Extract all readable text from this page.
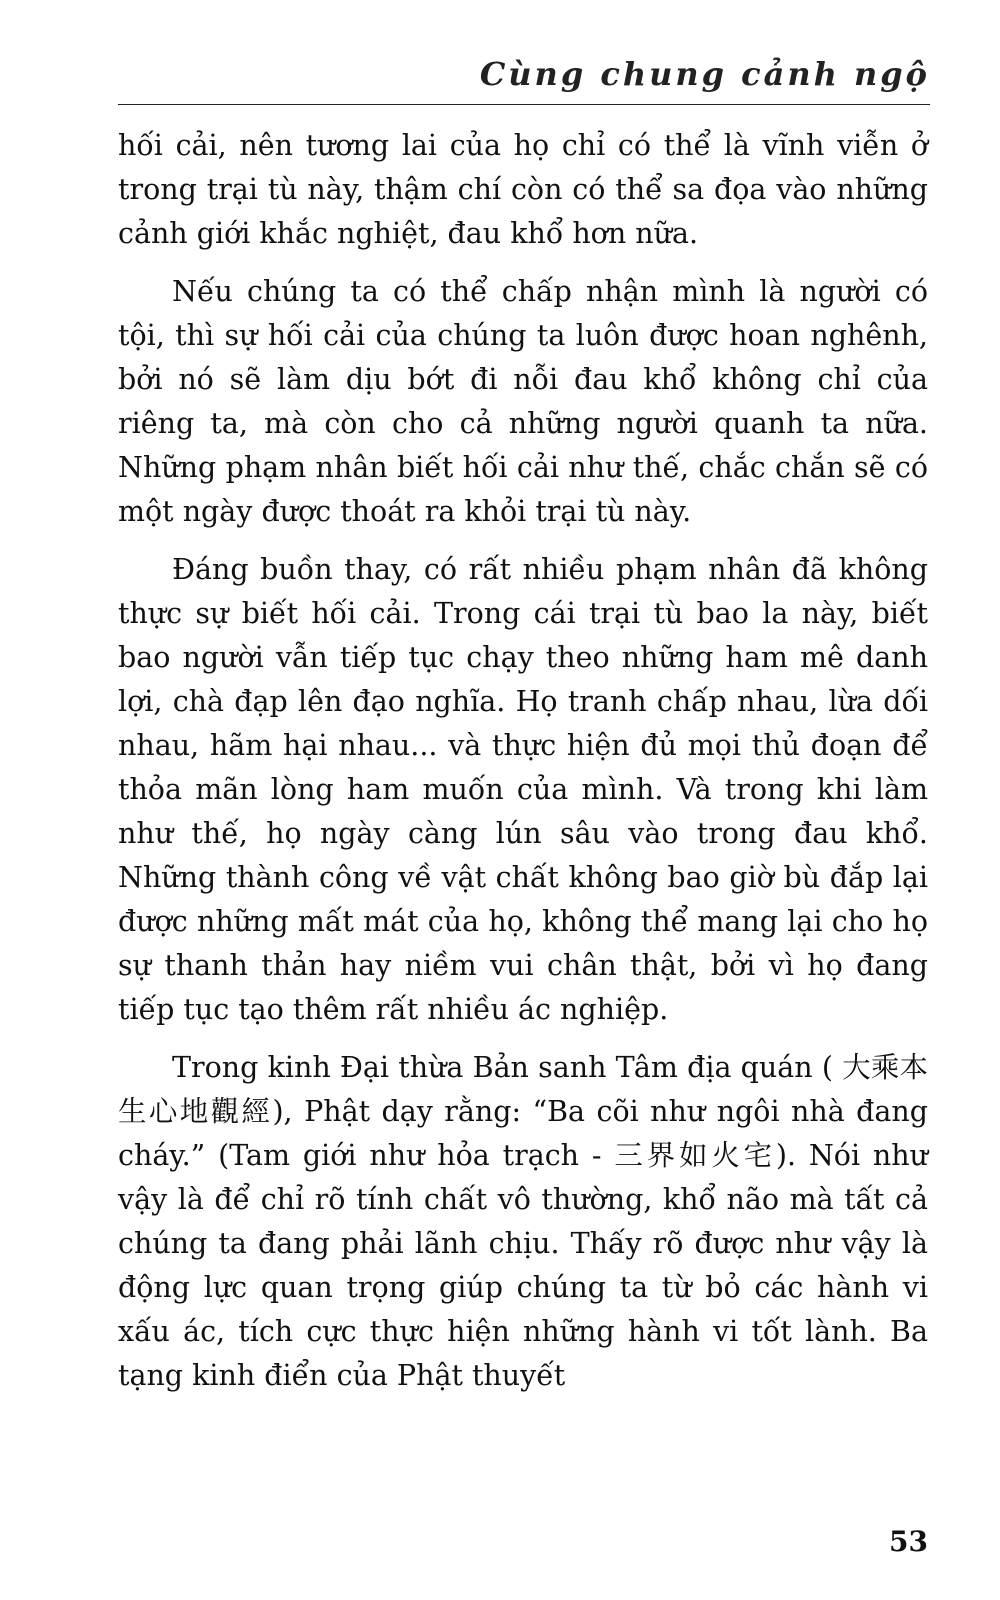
Cùng chung cảnh ngộ

hối cải, nên tương lai của họ chỉ có thể là vĩnh viễn ở trong trại tù này, thậm chí còn có thể sa đọa vào những cảnh giới khắc nghiệt, đau khổ hơn nữa.

Nếu chúng ta có thể chấp nhận mình là người có tội, thì sự hối cải của chúng ta luôn được hoan nghênh, bởi nó sẽ làm dịu bớt đi nỗi đau khổ không chỉ của riêng ta, mà còn cho cả những người quanh ta nữa. Những phạm nhân biết hối cải như thế, chắc chắn sẽ có một ngày được thoát ra khỏi trại tù này.

Đáng buồn thay, có rất nhiều phạm nhân đã không thực sự biết hối cải. Trong cái trại tù bao la này, biết bao người vẫn tiếp tục chạy theo những ham mê danh lợi, chà đạp lên đạo nghĩa. Họ tranh chấp nhau, lừa dối nhau, hãm hại nhau... và thực hiện đủ mọi thủ đoạn để thỏa mãn lòng ham muốn của mình. Và trong khi làm như thế, họ ngày càng lún sâu vào trong đau khổ. Những thành công về vật chất không bao giờ bù đắp lại được những mất mát của họ, không thể mang lại cho họ sự thanh thản hay niềm vui chân thật, bởi vì họ đang tiếp tục tạo thêm rất nhiều ác nghiệp.

Trong kinh Đại thừa Bản sanh Tâm địa quán ( 大乘本生心地觀經), Phật dạy rằng: “Ba cõi như ngôi nhà đang cháy.” (Tam giới như hỏa trạch - 三界如火宅). Nói như vậy là để chỉ rõ tính chất vô thường, khổ não mà tất cả chúng ta đang phải lãnh chịu. Thấy rõ được như vậy là động lực quan trọng giúp chúng ta từ bỏ các hành vi xấu ác, tích cực thực hiện những hành vi tốt lành. Ba tạng kinh điển của Phật thuyết

53
